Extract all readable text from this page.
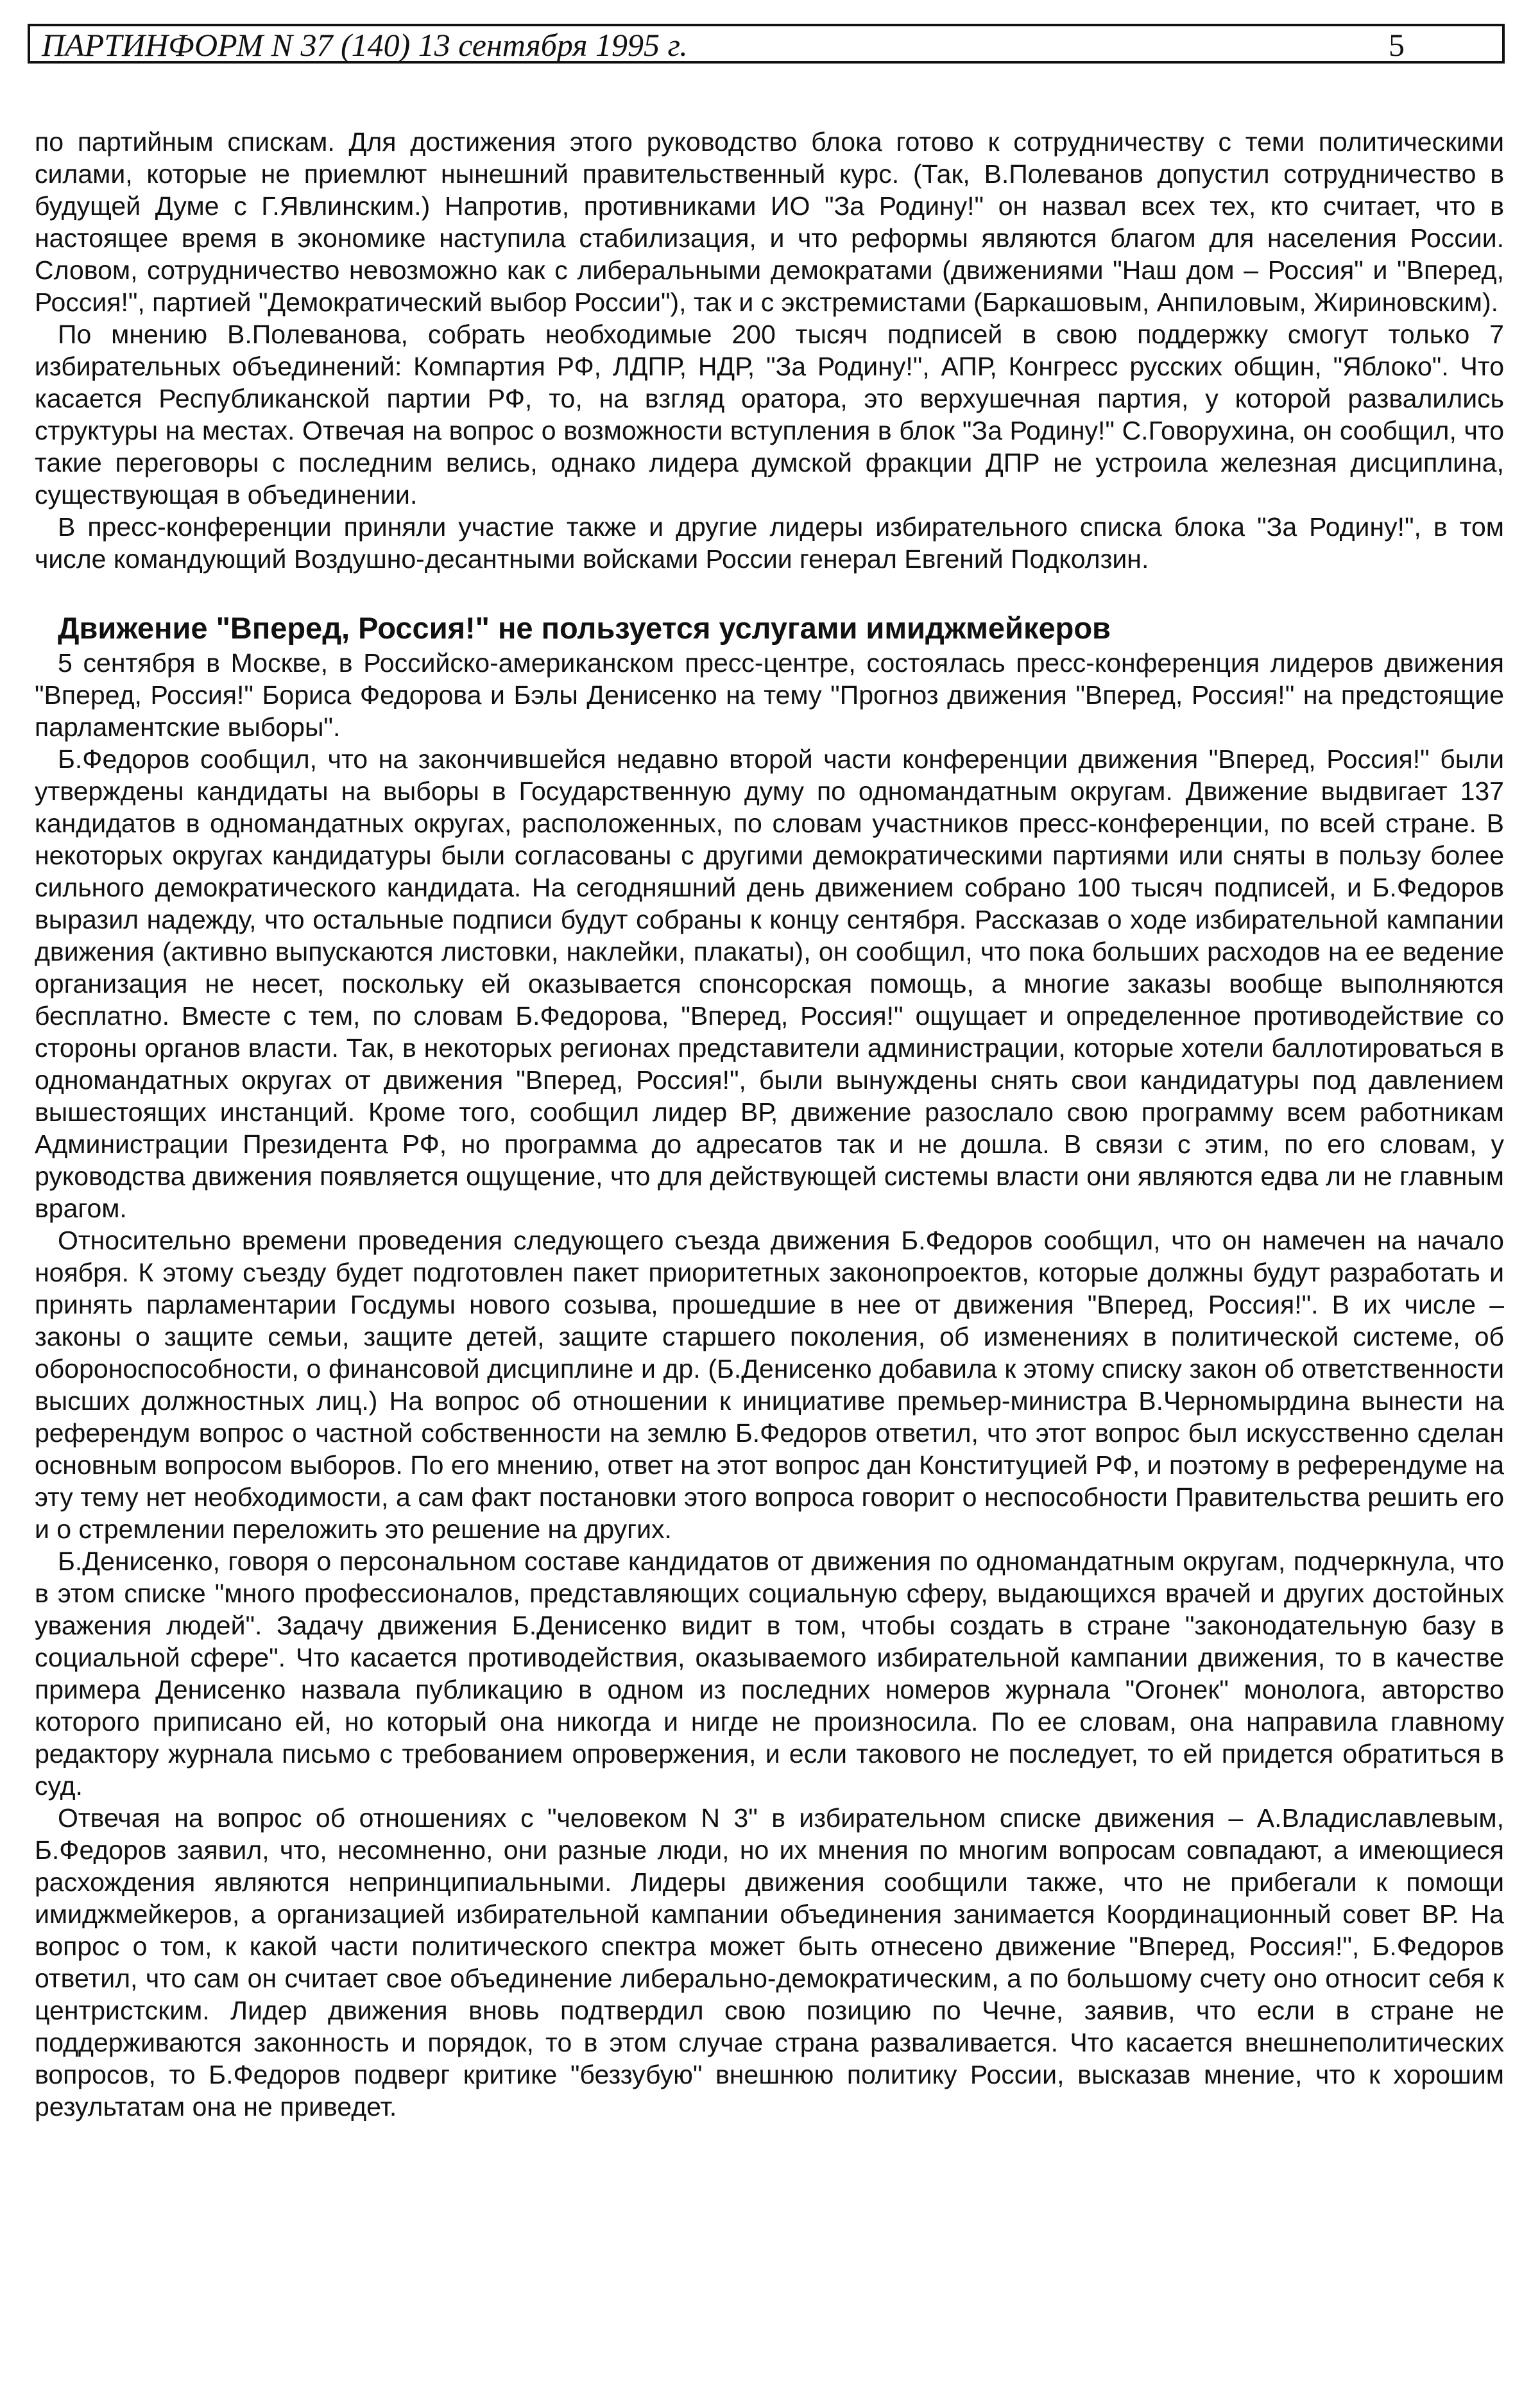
ПАРТИНФОРМ N 37 (140) 13 сентября 1995 г.	5

по партийным спискам. Для достижения этого руководство блока готово к сотрудничеству с теми политическими силами, которые не приемлют нынешний правительственный курс. (Так, В.Полеванов допустил сотрудничество в будущей Думе с Г.Явлинским.) Напротив, противниками ИО "За Родину!" он назвал всех тех, кто считает, что в настоящее время в экономике наступила стабилизация, и что реформы являются благом для населения России. Словом, сотрудничество невозможно как с либеральными демократами (движениями "Наш дом – Россия" и "Вперед, Россия!", партией "Демократический выбор России"), так и с экстремистами (Баркашовым, Анпиловым, Жириновским).

По мнению В.Полеванова, собрать необходимые 200 тысяч подписей в свою поддержку смогут только 7 избирательных объединений: Компартия РФ, ЛДПР, НДР, "За Родину!", АПР, Конгресс русских общин, "Яблоко". Что касается Республиканской партии РФ, то, на взгляд оратора, это верхушечная партия, у которой развалились структуры на местах. Отвечая на вопрос о возможности вступления в блок "За Родину!" С.Говорухина, он сообщил, что такие переговоры с последним велись, однако лидера думской фракции ДПР не устроила железная дисциплина, существующая в объединении.

В пресс-конференции приняли участие также и другие лидеры избирательного списка блока "За Родину!", в том числе командующий Воздушно-десантными войсками России генерал Евгений Подколзин.

Движение "Вперед, Россия!" не пользуется услугами имиджмейкеров

5 сентября в Москве, в Российско-американском пресс-центре, состоялась пресс-конференция лидеров движения "Вперед, Россия!" Бориса Федорова и Бэлы Денисенко на тему "Прогноз движения "Вперед, Россия!" на предстоящие парламентские выборы".

Б.Федоров сообщил, что на закончившейся недавно второй части конференции движения "Вперед, Россия!" были утверждены кандидаты на выборы в Государственную думу по одномандатным округам. Движение выдвигает 137 кандидатов в одномандатных округах, расположенных, по словам участников пресс-конференции, по всей стране. В некоторых округах кандидатуры были согласованы с другими демократическими партиями или сняты в пользу более сильного демократического кандидата. На сегодняшний день движением собрано 100 тысяч подписей, и Б.Федоров выразил надежду, что остальные подписи будут собраны к концу сентября. Рассказав о ходе избирательной кампании движения (активно выпускаются листовки, наклейки, плакаты), он сообщил, что пока больших расходов на ее ведение организация не несет, поскольку ей оказывается спонсорская помощь, а многие заказы вообще выполняются бесплатно. Вместе с тем, по словам Б.Федорова, "Вперед, Россия!" ощущает и определенное противодействие со стороны органов власти. Так, в некоторых регионах представители администрации, которые хотели баллотироваться в одномандатных округах от движения "Вперед, Россия!", были вынуждены снять свои кандидатуры под давлением вышестоящих инстанций. Кроме того, сообщил лидер ВР, движение разослало свою программу всем работникам Администрации Президента РФ, но программа до адресатов так и не дошла. В связи с этим, по его словам, у руководства движения появляется ощущение, что для действующей системы власти они являются едва ли не главным врагом.

Относительно времени проведения следующего съезда движения Б.Федоров сообщил, что он намечен на начало ноября. К этому съезду будет подготовлен пакет приоритетных законопроектов, которые должны будут разработать и принять парламентарии Госдумы нового созыва, прошедшие в нее от движения "Вперед, Россия!". В их числе – законы о защите семьи, защите детей, защите старшего поколения, об изменениях в политической системе, об обороноспособности, о финансовой дисциплине и др. (Б.Денисенко добавила к этому списку закон об ответственности высших должностных лиц.) На вопрос об отношении к инициативе премьер-министра В.Черномырдина вынести на референдум вопрос о частной собственности на землю Б.Федоров ответил, что этот вопрос был искусственно сделан основным вопросом выборов. По его мнению, ответ на этот вопрос дан Конституцией РФ, и поэтому в референдуме на эту тему нет необходимости, а сам факт постановки этого вопроса говорит о неспособности Правительства решить его и о стремлении переложить это решение на других.

Б.Денисенко, говоря о персональном составе кандидатов от движения по одномандатным округам, подчеркнула, что в этом списке "много профессионалов, представляющих социальную сферу, выдающихся врачей и других достойных уважения людей". Задачу движения Б.Денисенко видит в том, чтобы создать в стране "законодательную базу в социальной сфере". Что касается противодействия, оказываемого избирательной кампании движения, то в качестве примера Денисенко назвала публикацию в одном из последних номеров журнала "Огонек" монолога, авторство которого приписано ей, но который она никогда и нигде не произносила. По ее словам, она направила главному редактору журнала письмо с требованием опровержения, и если такового не последует, то ей придется обратиться в суд.

Отвечая на вопрос об отношениях с "человеком N 3" в избирательном списке движения – А.Владиславлевым, Б.Федоров заявил, что, несомненно, они разные люди, но их мнения по многим вопросам совпадают, а имеющиеся расхождения являются непринципиальными. Лидеры движения сообщили также, что не прибегали к помощи имиджмейкеров, а организацией избирательной кампании объединения занимается Координационный совет ВР. На вопрос о том, к какой части политического спектра может быть отнесено движение "Вперед, Россия!", Б.Федоров ответил, что сам он считает свое объединение либерально-демократическим, а по большому счету оно относит себя к центристским. Лидер движения вновь подтвердил свою позицию по Чечне, заявив, что если в стране не поддерживаются законность и порядок, то в этом случае страна разваливается. Что касается внешнеполитических вопросов, то Б.Федоров подверг критике "беззубую" внешнюю политику России, высказав мнение, что к хорошим результатам она не приведет.
